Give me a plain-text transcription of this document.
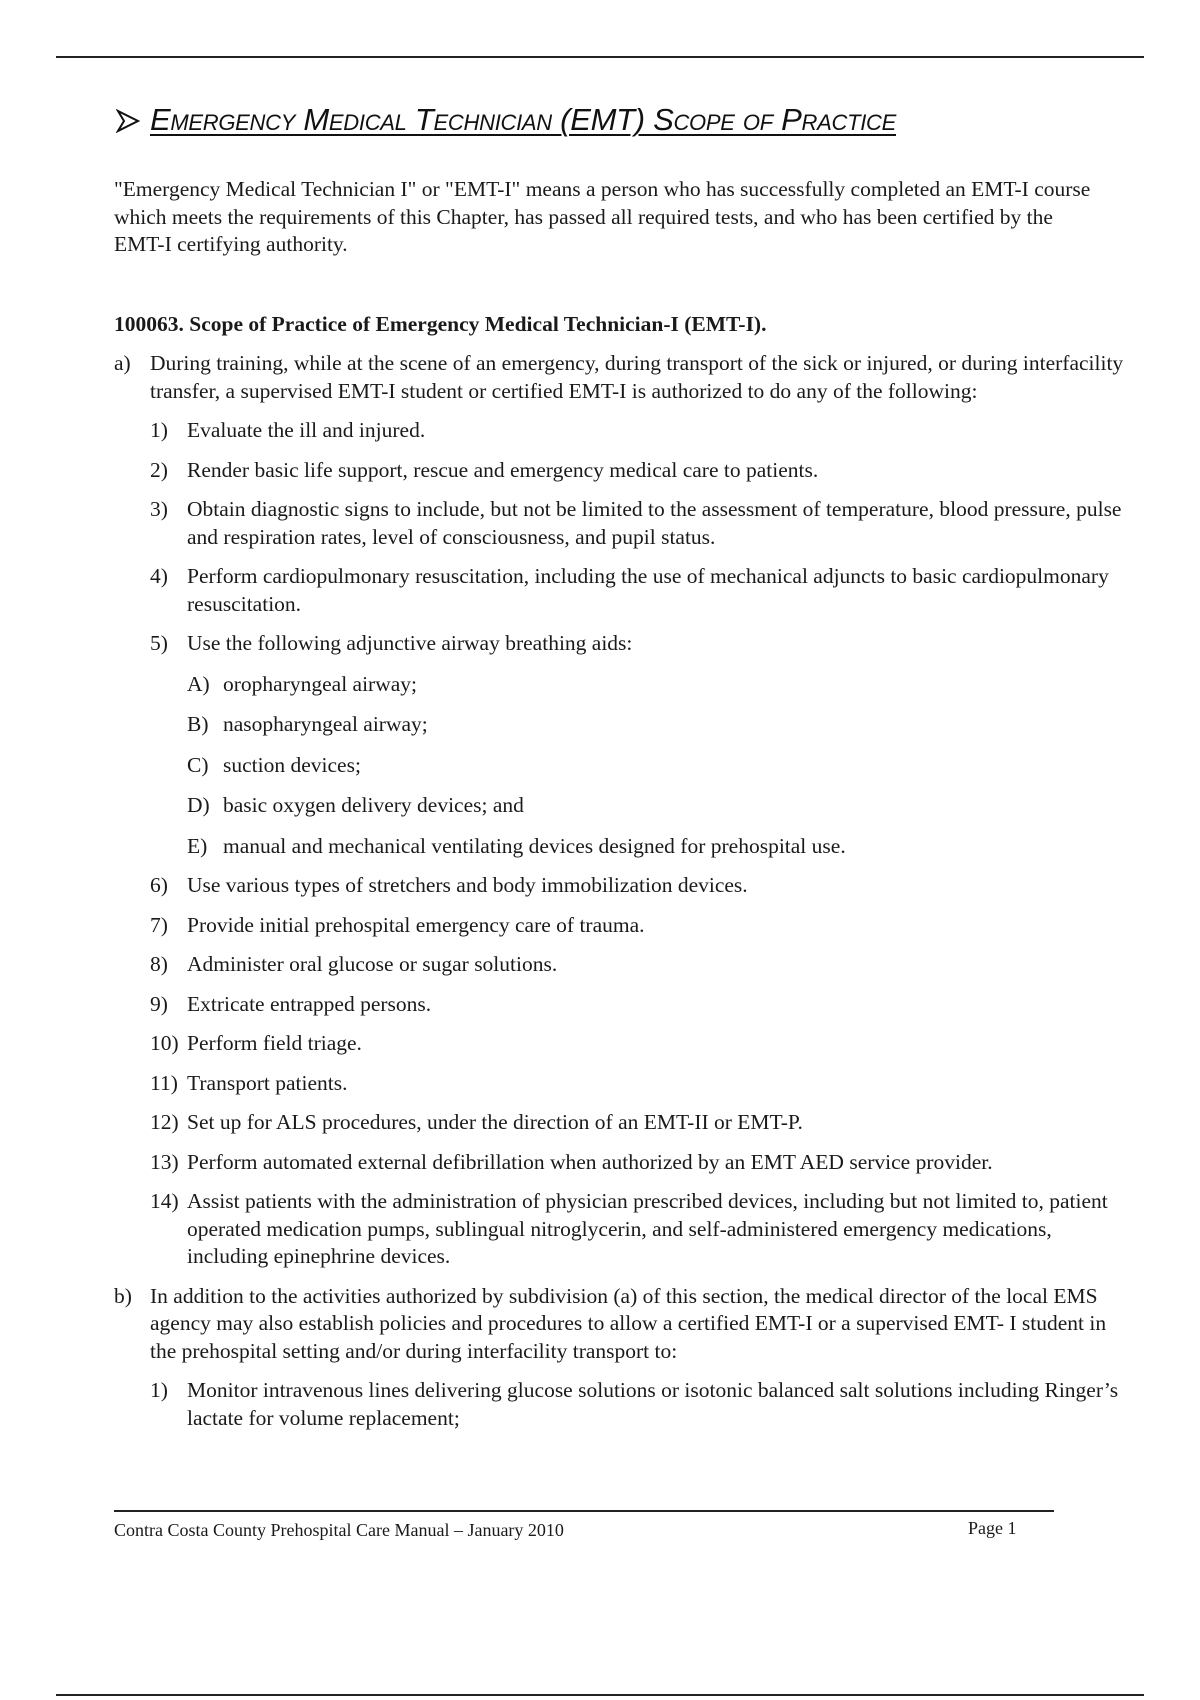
Emergency Medical Technician (EMT) Scope of Practice

"Emergency Medical Technician I" or "EMT-I" means a person who has successfully completed an EMT-I course which meets the requirements of this Chapter, has passed all required tests, and who has been certified by the EMT-I certifying authority.

100063. Scope of Practice of Emergency Medical Technician-I (EMT-I).
a) During training, while at the scene of an emergency, during transport of the sick or injured, or during interfacility transfer, a supervised EMT-I student or certified EMT-I is authorized to do any of the following:
1) Evaluate the ill and injured.
2) Render basic life support, rescue and emergency medical care to patients.
3) Obtain diagnostic signs to include, but not be limited to the assessment of temperature, blood pressure, pulse and respiration rates, level of consciousness, and pupil status.
4) Perform cardiopulmonary resuscitation, including the use of mechanical adjuncts to basic cardiopulmonary resuscitation.
5) Use the following adjunctive airway breathing aids:
A) oropharyngeal airway;
B) nasopharyngeal airway;
C) suction devices;
D) basic oxygen delivery devices; and
E) manual and mechanical ventilating devices designed for prehospital use.
6) Use various types of stretchers and body immobilization devices.
7) Provide initial prehospital emergency care of trauma.
8) Administer oral glucose or sugar solutions.
9) Extricate entrapped persons.
10) Perform field triage.
11) Transport patients.
12) Set up for ALS procedures, under the direction of an EMT-II or EMT-P.
13) Perform automated external defibrillation when authorized by an EMT AED service provider.
14) Assist patients with the administration of physician prescribed devices, including but not limited to, patient operated medication pumps, sublingual nitroglycerin, and self-administered emergency medications, including epinephrine devices.
b) In addition to the activities authorized by subdivision (a) of this section, the medical director of the local EMS agency may also establish policies and procedures to allow a certified EMT-I or a supervised EMT- I student in the prehospital setting and/or during interfacility transport to:
1) Monitor intravenous lines delivering glucose solutions or isotonic balanced salt solutions including Ringer’s lactate for volume replacement;
Contra Costa County Prehospital Care Manual – January 2010	Page 1
